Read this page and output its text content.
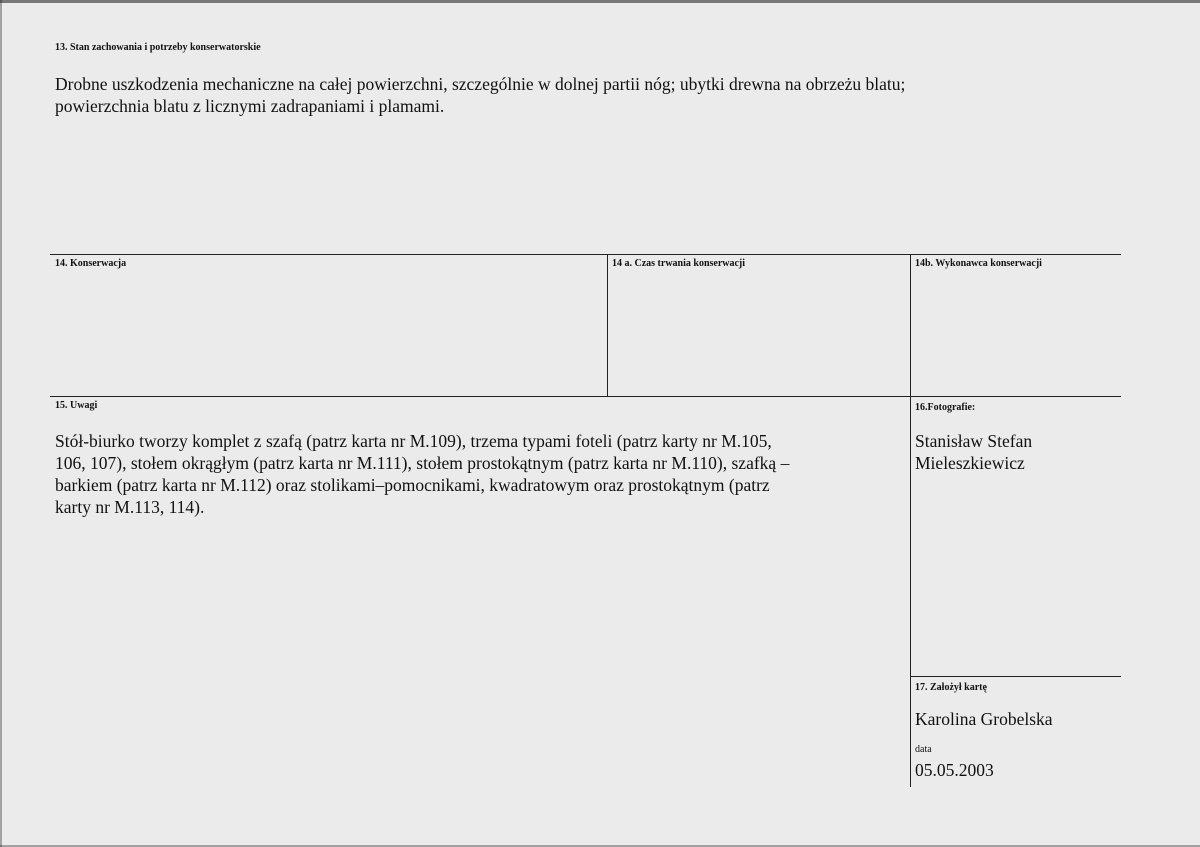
13. Stan zachowania i potrzeby konserwatorskie
Drobne uszkodzenia mechaniczne na całej powierzchni, szczególnie w dolnej partii nóg; ubytki drewna na obrzeżu blatu;
powierzchnia blatu z licznymi zadrapaniami i plamami.
14. Konserwacja	14 a. Czas trwania konserwacji	14b. Wykonawca konserwacji
15. Uwagi
Stół-biurko tworzy komplet z szafą (patrz karta nr M.109), trzema typami foteli (patrz karty nr M.105,
106, 107), stołem okrągłym (patrz karta nr M.111), stołem prostokątnym (patrz karta nr M.110), szafką –
barkiem (patrz karta nr M.112) oraz stolikami–pomocnikami, kwadratowym oraz prostokątnym (patrz
karty nr M.113, 114).
16.Fotografie:
Stanisław Stefan
Mieleszkiewicz
17. Założył kartę
Karolina Grobelska
data
05.05.2003
